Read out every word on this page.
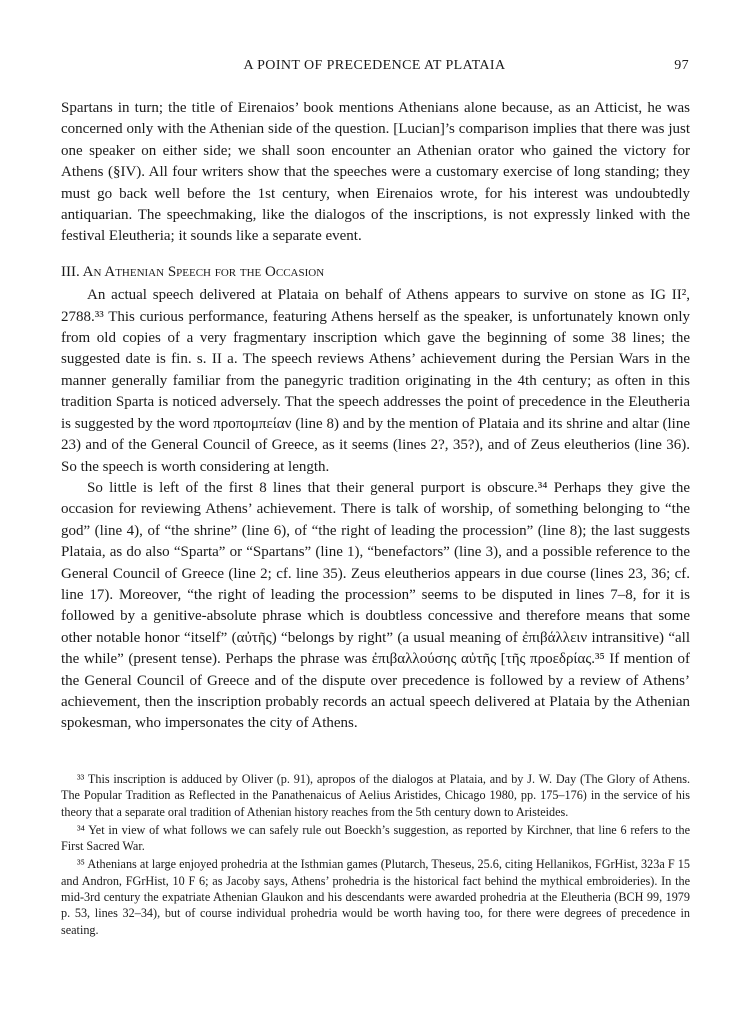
A POINT OF PRECEDENCE AT PLATAIA	97

Spartans in turn; the title of Eirenaios’ book mentions Athenians alone because, as an Atticist, he was concerned only with the Athenian side of the question. [Lucian]’s comparison implies that there was just one speaker on either side; we shall soon encounter an Athenian orator who gained the victory for Athens (§IV). All four writers show that the speeches were a customary exercise of long standing; they must go back well before the 1st century, when Eirenaios wrote, for his interest was undoubtedly antiquarian. The speechmaking, like the dialogos of the inscriptions, is not expressly linked with the festival Eleutheria; it sounds like a separate event.

III. An Athenian Speech for the Occasion

An actual speech delivered at Plataia on behalf of Athens appears to survive on stone as IG II², 2788.³³ This curious performance, featuring Athens herself as the speaker, is unfortunately known only from old copies of a very fragmentary inscription which gave the beginning of some 38 lines; the suggested date is fin. s. II a. The speech reviews Athens’ achievement during the Persian Wars in the manner generally familiar from the panegyric tradition originating in the 4th century; as often in this tradition Sparta is noticed adversely. That the speech addresses the point of precedence in the Eleutheria is suggested by the word προπομπείαν (line 8) and by the mention of Plataia and its shrine and altar (line 23) and of the General Council of Greece, as it seems (lines 2?, 35?), and of Zeus eleutherios (line 36). So the speech is worth considering at length.

So little is left of the first 8 lines that their general purport is obscure.³⁴ Perhaps they give the occasion for reviewing Athens’ achievement. There is talk of worship, of something belonging to “the god” (line 4), of “the shrine” (line 6), of “the right of leading the procession” (line 8); the last suggests Plataia, as do also “Sparta” or “Spartans” (line 1), “benefactors” (line 3), and a possible reference to the General Council of Greece (line 2; cf. line 35). Zeus eleutherios appears in due course (lines 23, 36; cf. line 17). Moreover, “the right of leading the procession” seems to be disputed in lines 7–8, for it is followed by a genitive-absolute phrase which is doubtless concessive and therefore means that some other notable honor “itself” (αὐτῆς) “belongs by right” (a usual meaning of ἐπιβάλλειν intransitive) “all the while” (present tense). Perhaps the phrase was ἐπιβαλλούσης αὐτῆς [τῆς προεδρίας.³⁵ If mention of the General Council of Greece and of the dispute over precedence is followed by a review of Athens’ achievement, then the inscription probably records an actual speech delivered at Plataia by the Athenian spokesman, who impersonates the city of Athens.

³³ This inscription is adduced by Oliver (p. 91), apropos of the dialogos at Plataia, and by J. W. Day (The Glory of Athens. The Popular Tradition as Reflected in the Panathenaicus of Aelius Aristides, Chicago 1980, pp. 175–176) in the service of his theory that a separate oral tradition of Athenian history reaches from the 5th century down to Aristeides.

³⁴ Yet in view of what follows we can safely rule out Boeckh’s suggestion, as reported by Kirchner, that line 6 refers to the First Sacred War.

³⁵ Athenians at large enjoyed prohedria at the Isthmian games (Plutarch, Theseus, 25.6, citing Hellanikos, FGrHist, 323a F 15 and Andron, FGrHist, 10 F 6; as Jacoby says, Athens’ prohedria is the historical fact behind the mythical embroideries). In the mid-3rd century the expatriate Athenian Glaukon and his descendants were awarded prohedria at the Eleutheria (BCH 99, 1979 p. 53, lines 32–34), but of course individual prohedria would be worth having too, for there were degrees of precedence in seating.
